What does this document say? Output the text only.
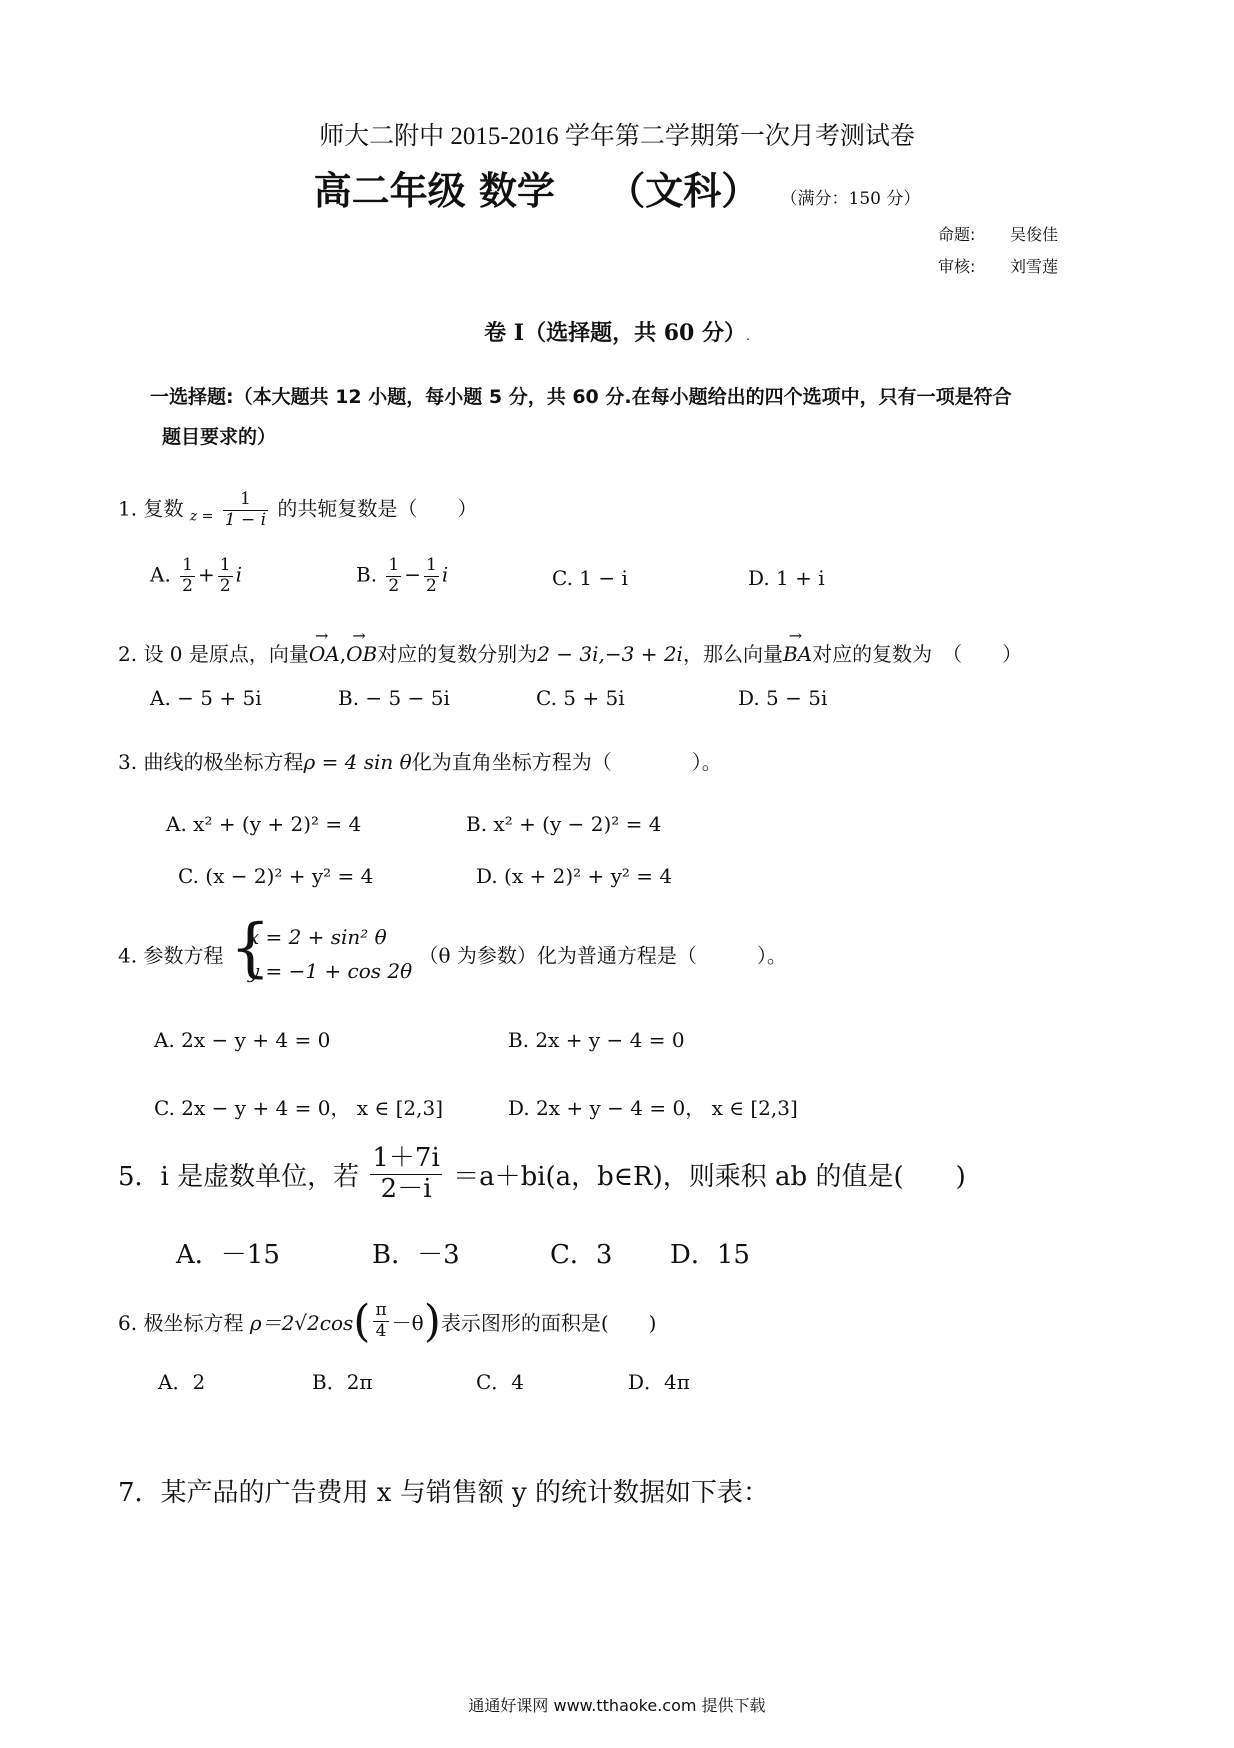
师大二附中 2015-2016 学年第二学期第一次月考测试卷
高二年级 数学 （文科） （满分：150 分）
命题: 吴俊佳
审核: 刘雪莲
卷 I（选择题，共 60 分）.
一选择题:（本大题共 12 小题，每小题 5 分，共 60 分.在每小题给出的四个选项中，只有一项是符合
题目要求的）
1. 复数 $_{z =} \frac{1}{1 - i}$ 的共轭复数是（　　）
A. $\frac{1}{2} + \frac{1}{2}$ i	B. $\frac{1}{2} - \frac{1}{2}$ i	C. 1 − i	D. 1 + i
2. 设 0 是原点，向量→ OA,→ OB对应的复数分别为2 − 3i,−3 + 2i，那么向量→ BA对应的复数为　（　　）
A. − 5 + 5i	B. − 5 − 5i	C. 5 + 5i	D. 5 − 5i
3. 曲线的极坐标方程ρ = 4 sin θ化为直角坐标方程为（　　　　）。
A. x² + (y + 2)² = 4	B. x² + (y − 2)² = 4
C. (x − 2)² + y² = 4	D. (x + 2)² + y² = 4
4. 参数方程 {
x = 2 + sin² θ
y = −1 + cos 2θ
（θ 为参数）化为普通方程是（　　　）。
A. 2x − y + 4 = 0	B. 2x + y − 4 = 0
C. 2x − y + 4 = 0， x ∈ [2,3]	D. 2x + y − 4 = 0， x ∈ [2,3]
5．i 是虚数单位，若 $\frac{1+7i}{2-i} =a+bi(a$，b∈R)，则乘积 ab 的值是(　　)
A．－15	B．－3	C．3 D．15
6. 极坐标方程 $\rho=2√2\cos( \frac{\pi}{4} -\theta)$表示图形的面积是(　　)
A．2	B．2π	C．4	D．4π
7．某产品的广告费用 x 与销售额 y 的统计数据如下表：
通通好课网 www.tthaoke.com 提供下载
